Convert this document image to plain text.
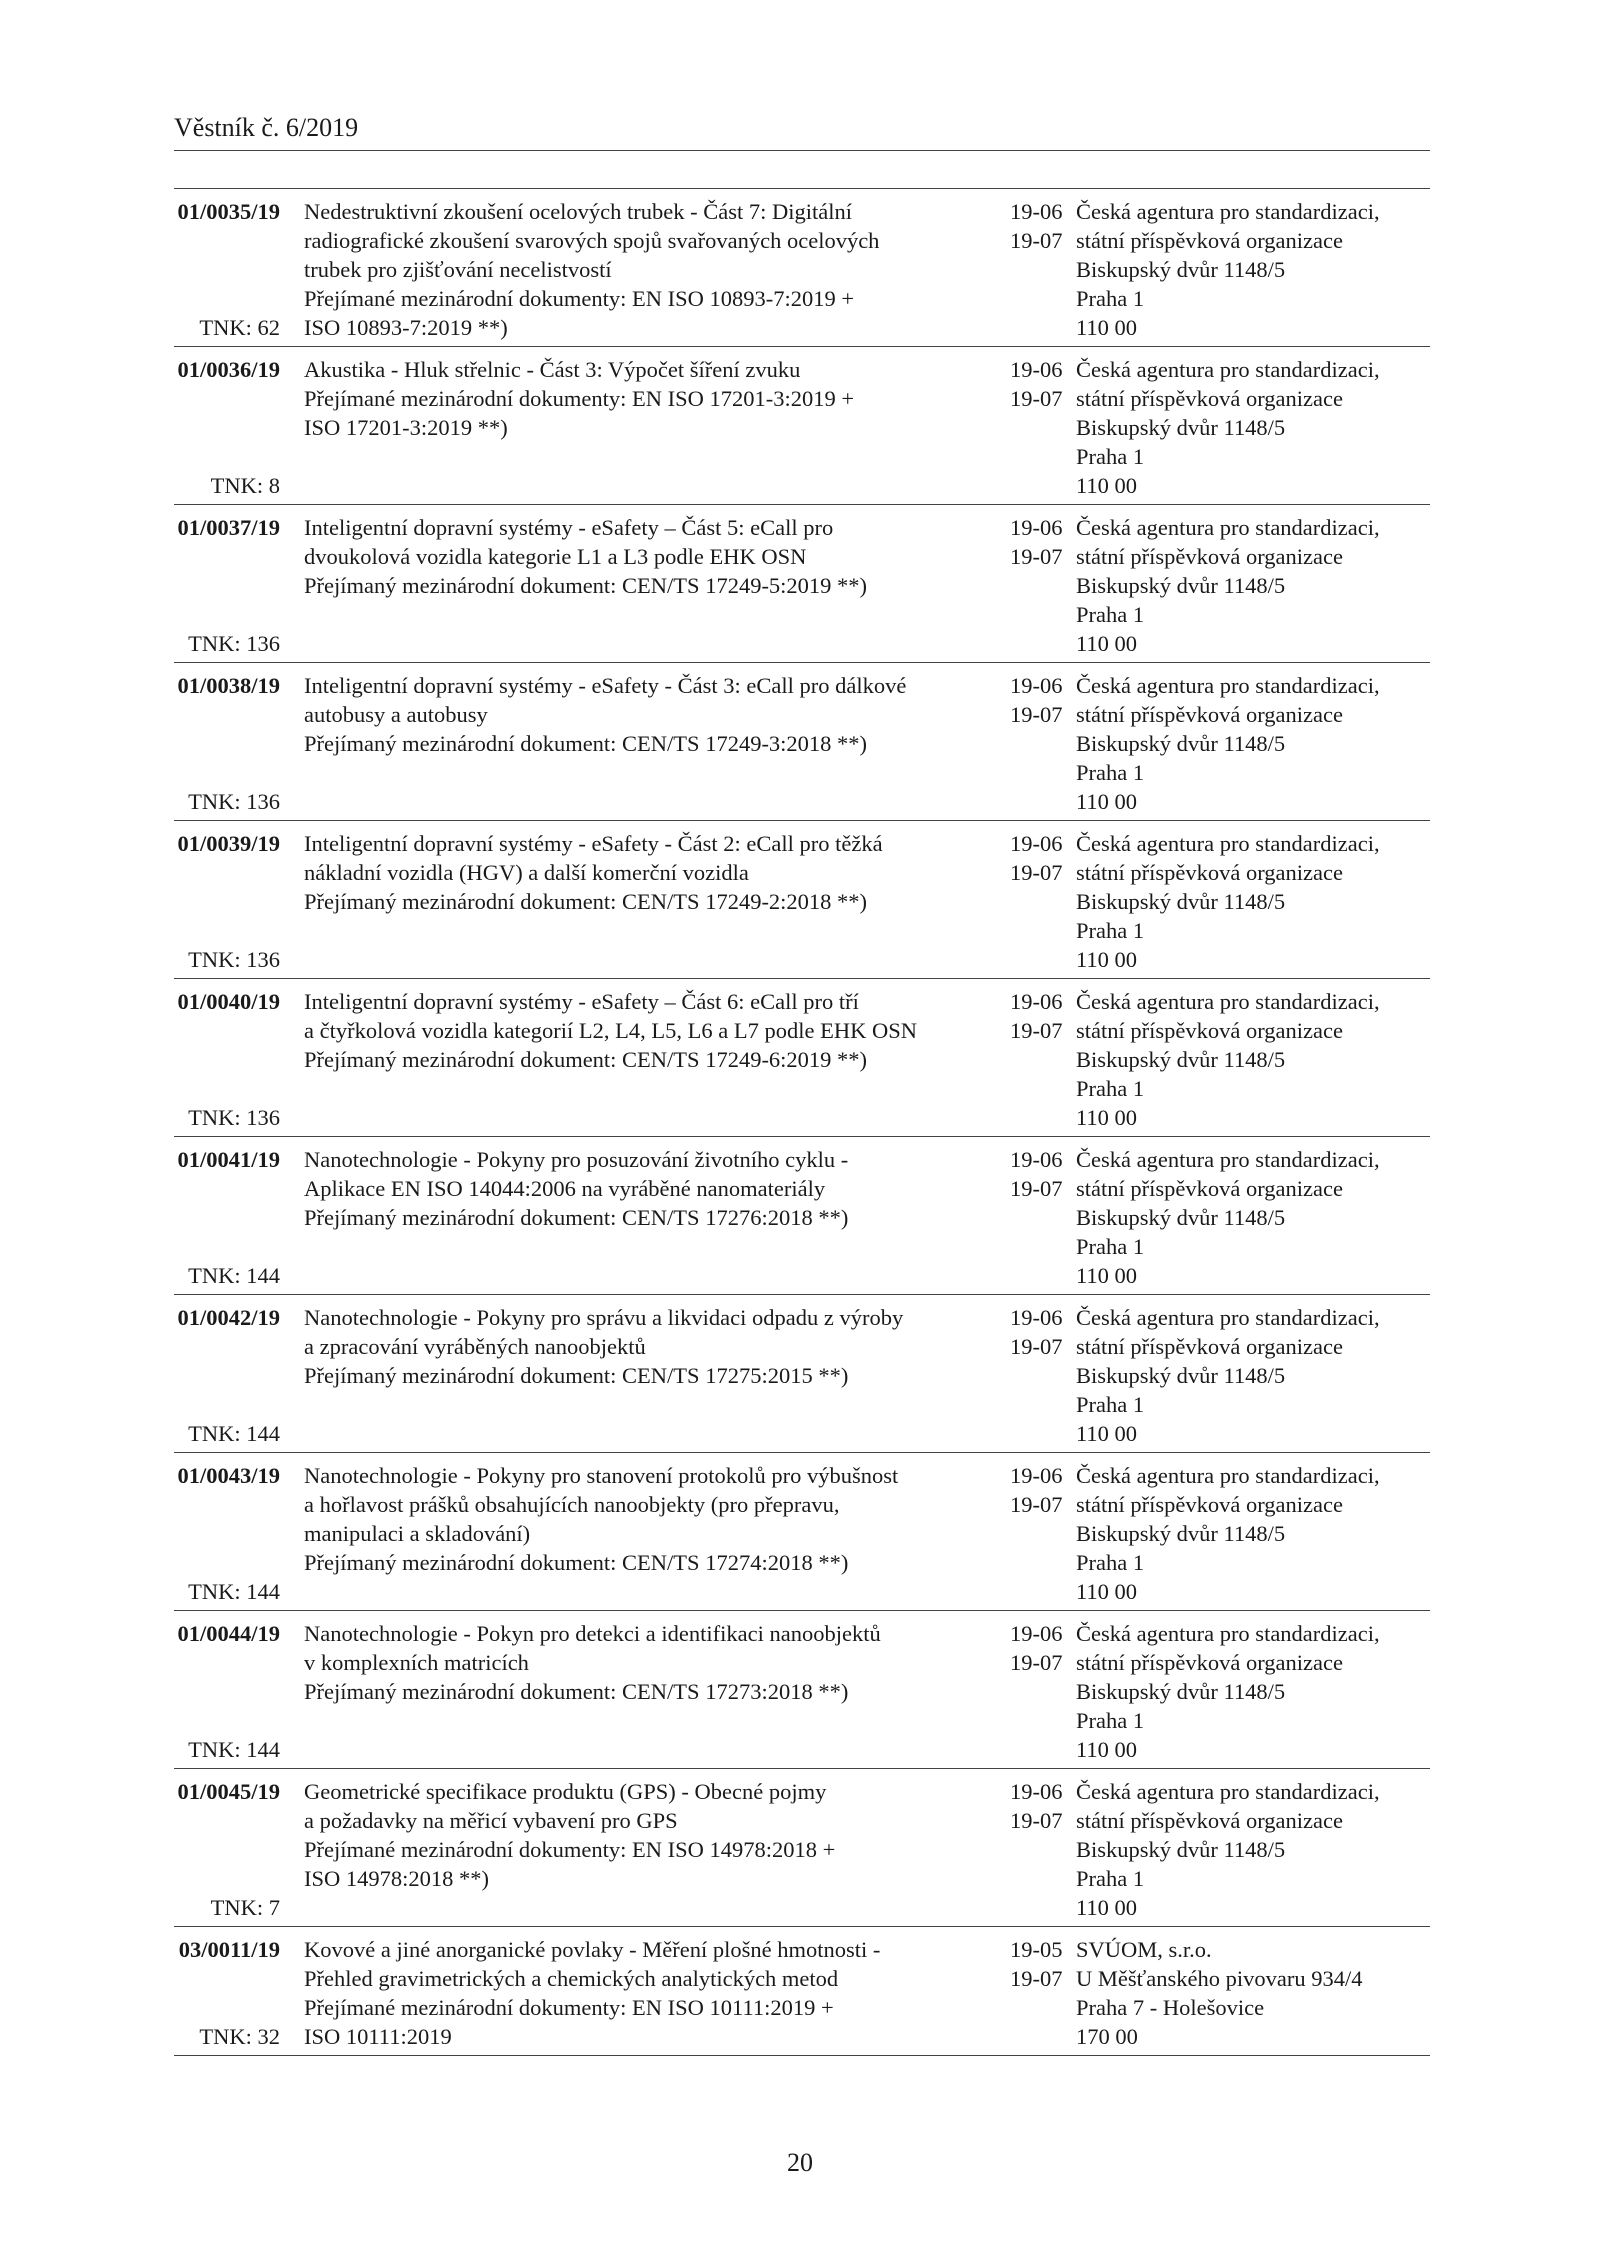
Věstník č. 6/2019
01/0035/19
TNK: 62
Nedestruktivní zkoušení ocelových trubek - Část 7: Digitální
radiografické zkoušení svarových spojů svařovaných ocelových
trubek pro zjišťování necelistvostí
Přejímané mezinárodní dokumenty: EN ISO 10893-7:2019 +
ISO 10893-7:2019 **)
19-06
19-07
Česká agentura pro standardizaci,
státní příspěvková organizace
Biskupský dvůr 1148/5
Praha 1
110 00
01/0036/19
TNK: 8
Akustika - Hluk střelnic - Část 3: Výpočet šíření zvuku
Přejímané mezinárodní dokumenty: EN ISO 17201-3:2019 +
ISO 17201-3:2019 **)
19-06
19-07
Česká agentura pro standardizaci,
státní příspěvková organizace
Biskupský dvůr 1148/5
Praha 1
110 00
01/0037/19
TNK: 136
Inteligentní dopravní systémy - eSafety – Část 5: eCall pro
dvoukolová vozidla kategorie L1 a L3 podle EHK OSN
Přejímaný mezinárodní dokument: CEN/TS 17249-5:2019 **)
19-06
19-07
Česká agentura pro standardizaci,
státní příspěvková organizace
Biskupský dvůr 1148/5
Praha 1
110 00
01/0038/19
TNK: 136
Inteligentní dopravní systémy - eSafety - Část 3: eCall pro dálkové
autobusy a autobusy
Přejímaný mezinárodní dokument: CEN/TS 17249-3:2018 **)
19-06
19-07
Česká agentura pro standardizaci,
státní příspěvková organizace
Biskupský dvůr 1148/5
Praha 1
110 00
01/0039/19
TNK: 136
Inteligentní dopravní systémy - eSafety - Část 2: eCall pro těžká
nákladní vozidla (HGV) a další komerční vozidla
Přejímaný mezinárodní dokument: CEN/TS 17249-2:2018 **)
19-06
19-07
Česká agentura pro standardizaci,
státní příspěvková organizace
Biskupský dvůr 1148/5
Praha 1
110 00
01/0040/19
TNK: 136
Inteligentní dopravní systémy - eSafety – Část 6: eCall pro tří
a čtyřkolová vozidla kategorií L2, L4, L5, L6 a L7 podle EHK OSN
Přejímaný mezinárodní dokument: CEN/TS 17249-6:2019 **)
19-06
19-07
Česká agentura pro standardizaci,
státní příspěvková organizace
Biskupský dvůr 1148/5
Praha 1
110 00
01/0041/19
TNK: 144
Nanotechnologie - Pokyny pro posuzování životního cyklu -
Aplikace EN ISO 14044:2006 na vyráběné nanomateriály
Přejímaný mezinárodní dokument: CEN/TS 17276:2018 **)
19-06
19-07
Česká agentura pro standardizaci,
státní příspěvková organizace
Biskupský dvůr 1148/5
Praha 1
110 00
01/0042/19
TNK: 144
Nanotechnologie - Pokyny pro správu a likvidaci odpadu z výroby
a zpracování vyráběných nanoobjektů
Přejímaný mezinárodní dokument: CEN/TS 17275:2015 **)
19-06
19-07
Česká agentura pro standardizaci,
státní příspěvková organizace
Biskupský dvůr 1148/5
Praha 1
110 00
01/0043/19
TNK: 144
Nanotechnologie - Pokyny pro stanovení protokolů pro výbušnost
a hořlavost prášků obsahujících nanoobjekty (pro přepravu,
manipulaci a skladování)
Přejímaný mezinárodní dokument: CEN/TS 17274:2018 **)
19-06
19-07
Česká agentura pro standardizaci,
státní příspěvková organizace
Biskupský dvůr 1148/5
Praha 1
110 00
01/0044/19
TNK: 144
Nanotechnologie - Pokyn pro detekci a identifikaci nanoobjektů
v komplexních matricích
Přejímaný mezinárodní dokument: CEN/TS 17273:2018 **)
19-06
19-07
Česká agentura pro standardizaci,
státní příspěvková organizace
Biskupský dvůr 1148/5
Praha 1
110 00
01/0045/19
TNK: 7
Geometrické specifikace produktu (GPS) - Obecné pojmy
a požadavky na měřicí vybavení pro GPS
Přejímané mezinárodní dokumenty: EN ISO 14978:2018 +
ISO 14978:2018 **)
19-06
19-07
Česká agentura pro standardizaci,
státní příspěvková organizace
Biskupský dvůr 1148/5
Praha 1
110 00
03/0011/19
TNK: 32
Kovové a jiné anorganické povlaky - Měření plošné hmotnosti -
Přehled gravimetrických a chemických analytických metod
Přejímané mezinárodní dokumenty: EN ISO 10111:2019 +
ISO 10111:2019
19-05
19-07
SVÚOM, s.r.o.
U Měšťanského pivovaru 934/4
Praha 7 - Holešovice
170 00
20
